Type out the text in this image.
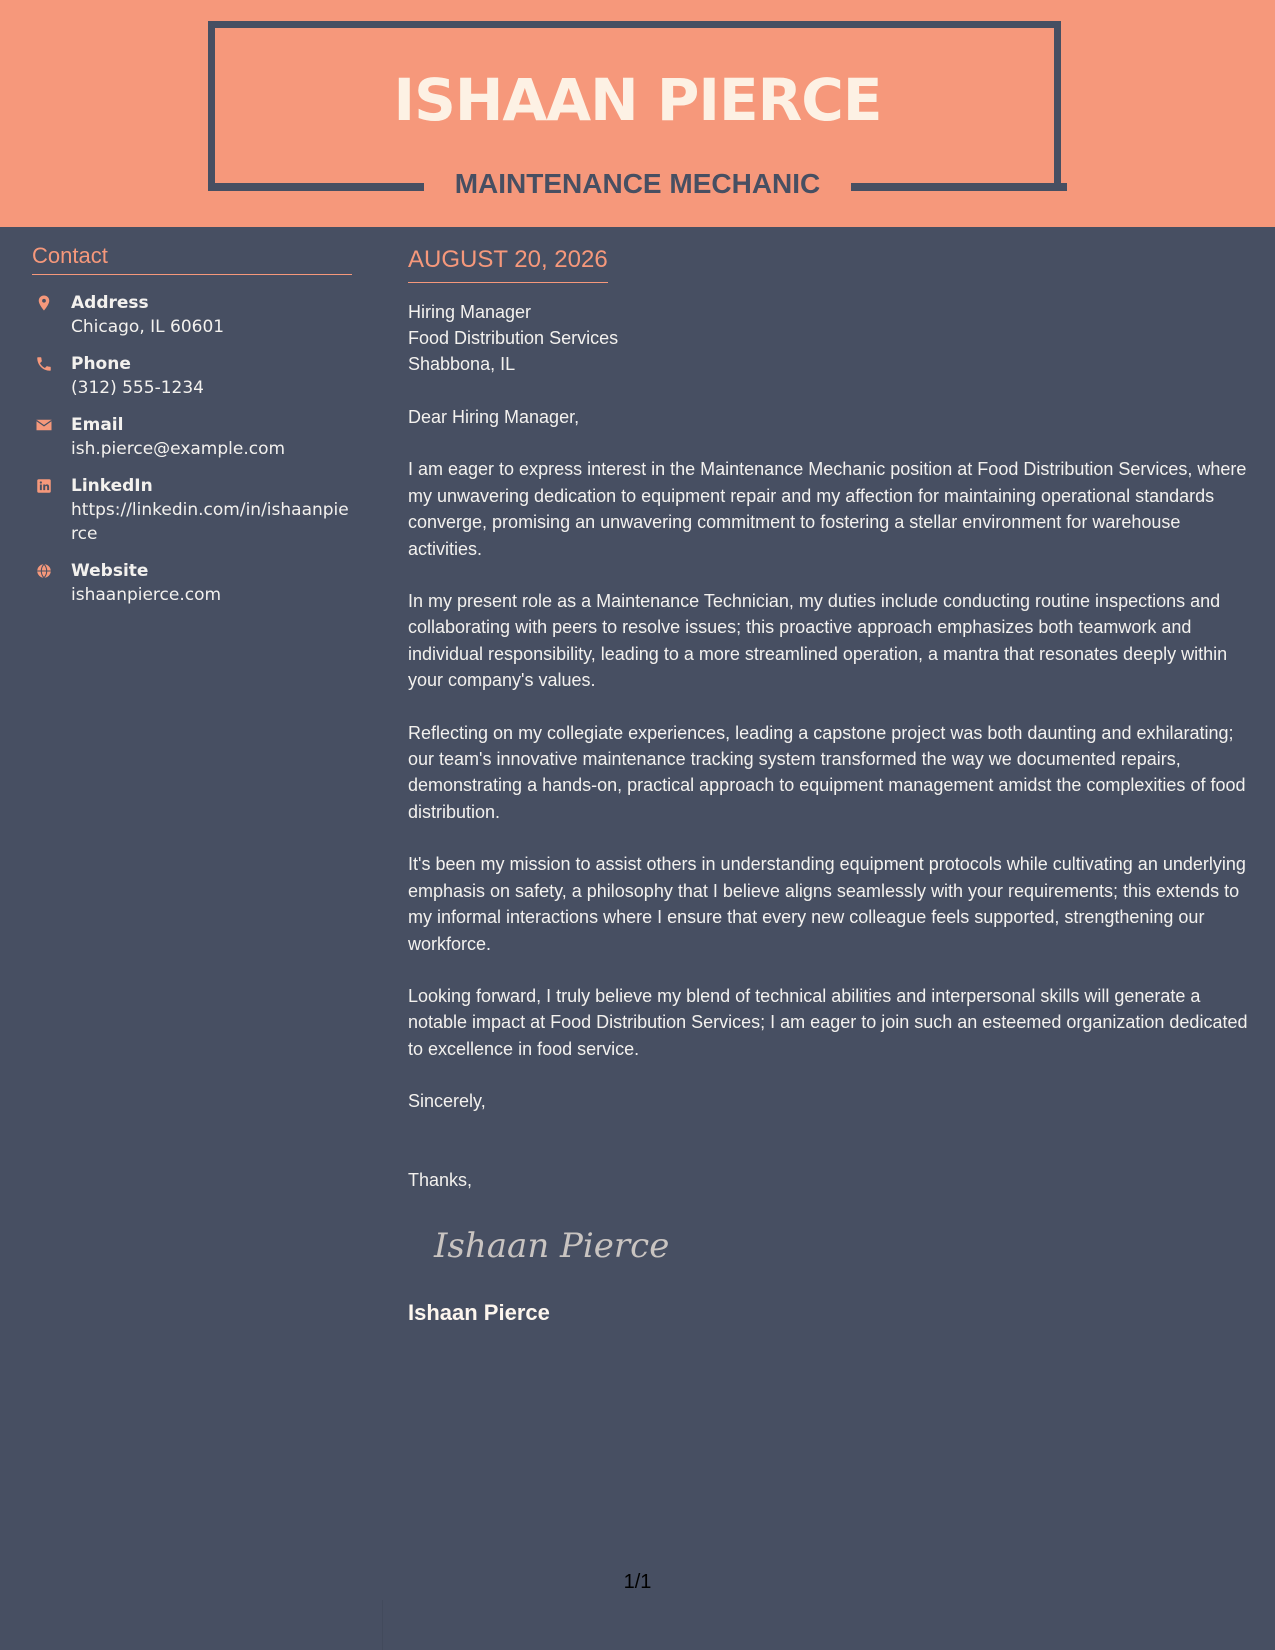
ISHAAN PIERCE
MAINTENANCE MECHANIC
Contact
Address
Chicago, IL 60601
Phone
(312) 555-1234
Email
ish.pierce@example.com
LinkedIn
https://linkedin.com/in/ishaanpierce
Website
ishaanpierce.com
AUGUST 20, 2026
Hiring Manager
Food Distribution Services
Shabbona, IL

Dear Hiring Manager,

I am eager to express interest in the Maintenance Mechanic position at Food Distribution Services, where my unwavering dedication to equipment repair and my affection for maintaining operational standards converge, promising an unwavering commitment to fostering a stellar environment for warehouse activities.

In my present role as a Maintenance Technician, my duties include conducting routine inspections and collaborating with peers to resolve issues; this proactive approach emphasizes both teamwork and individual responsibility, leading to a more streamlined operation, a mantra that resonates deeply within your company's values.

Reflecting on my collegiate experiences, leading a capstone project was both daunting and exhilarating; our team's innovative maintenance tracking system transformed the way we documented repairs, demonstrating a hands-on, practical approach to equipment management amidst the complexities of food distribution.

It's been my mission to assist others in understanding equipment protocols while cultivating an underlying emphasis on safety, a philosophy that I believe aligns seamlessly with your requirements; this extends to my informal interactions where I ensure that every new colleague feels supported, strengthening our workforce.

Looking forward, I truly believe my blend of technical abilities and interpersonal skills will generate a notable impact at Food Distribution Services; I am eager to join such an esteemed organization dedicated to excellence in food service.

Sincerely,

Thanks,

Ishaan Pierce
Ishaan Pierce
1/1
